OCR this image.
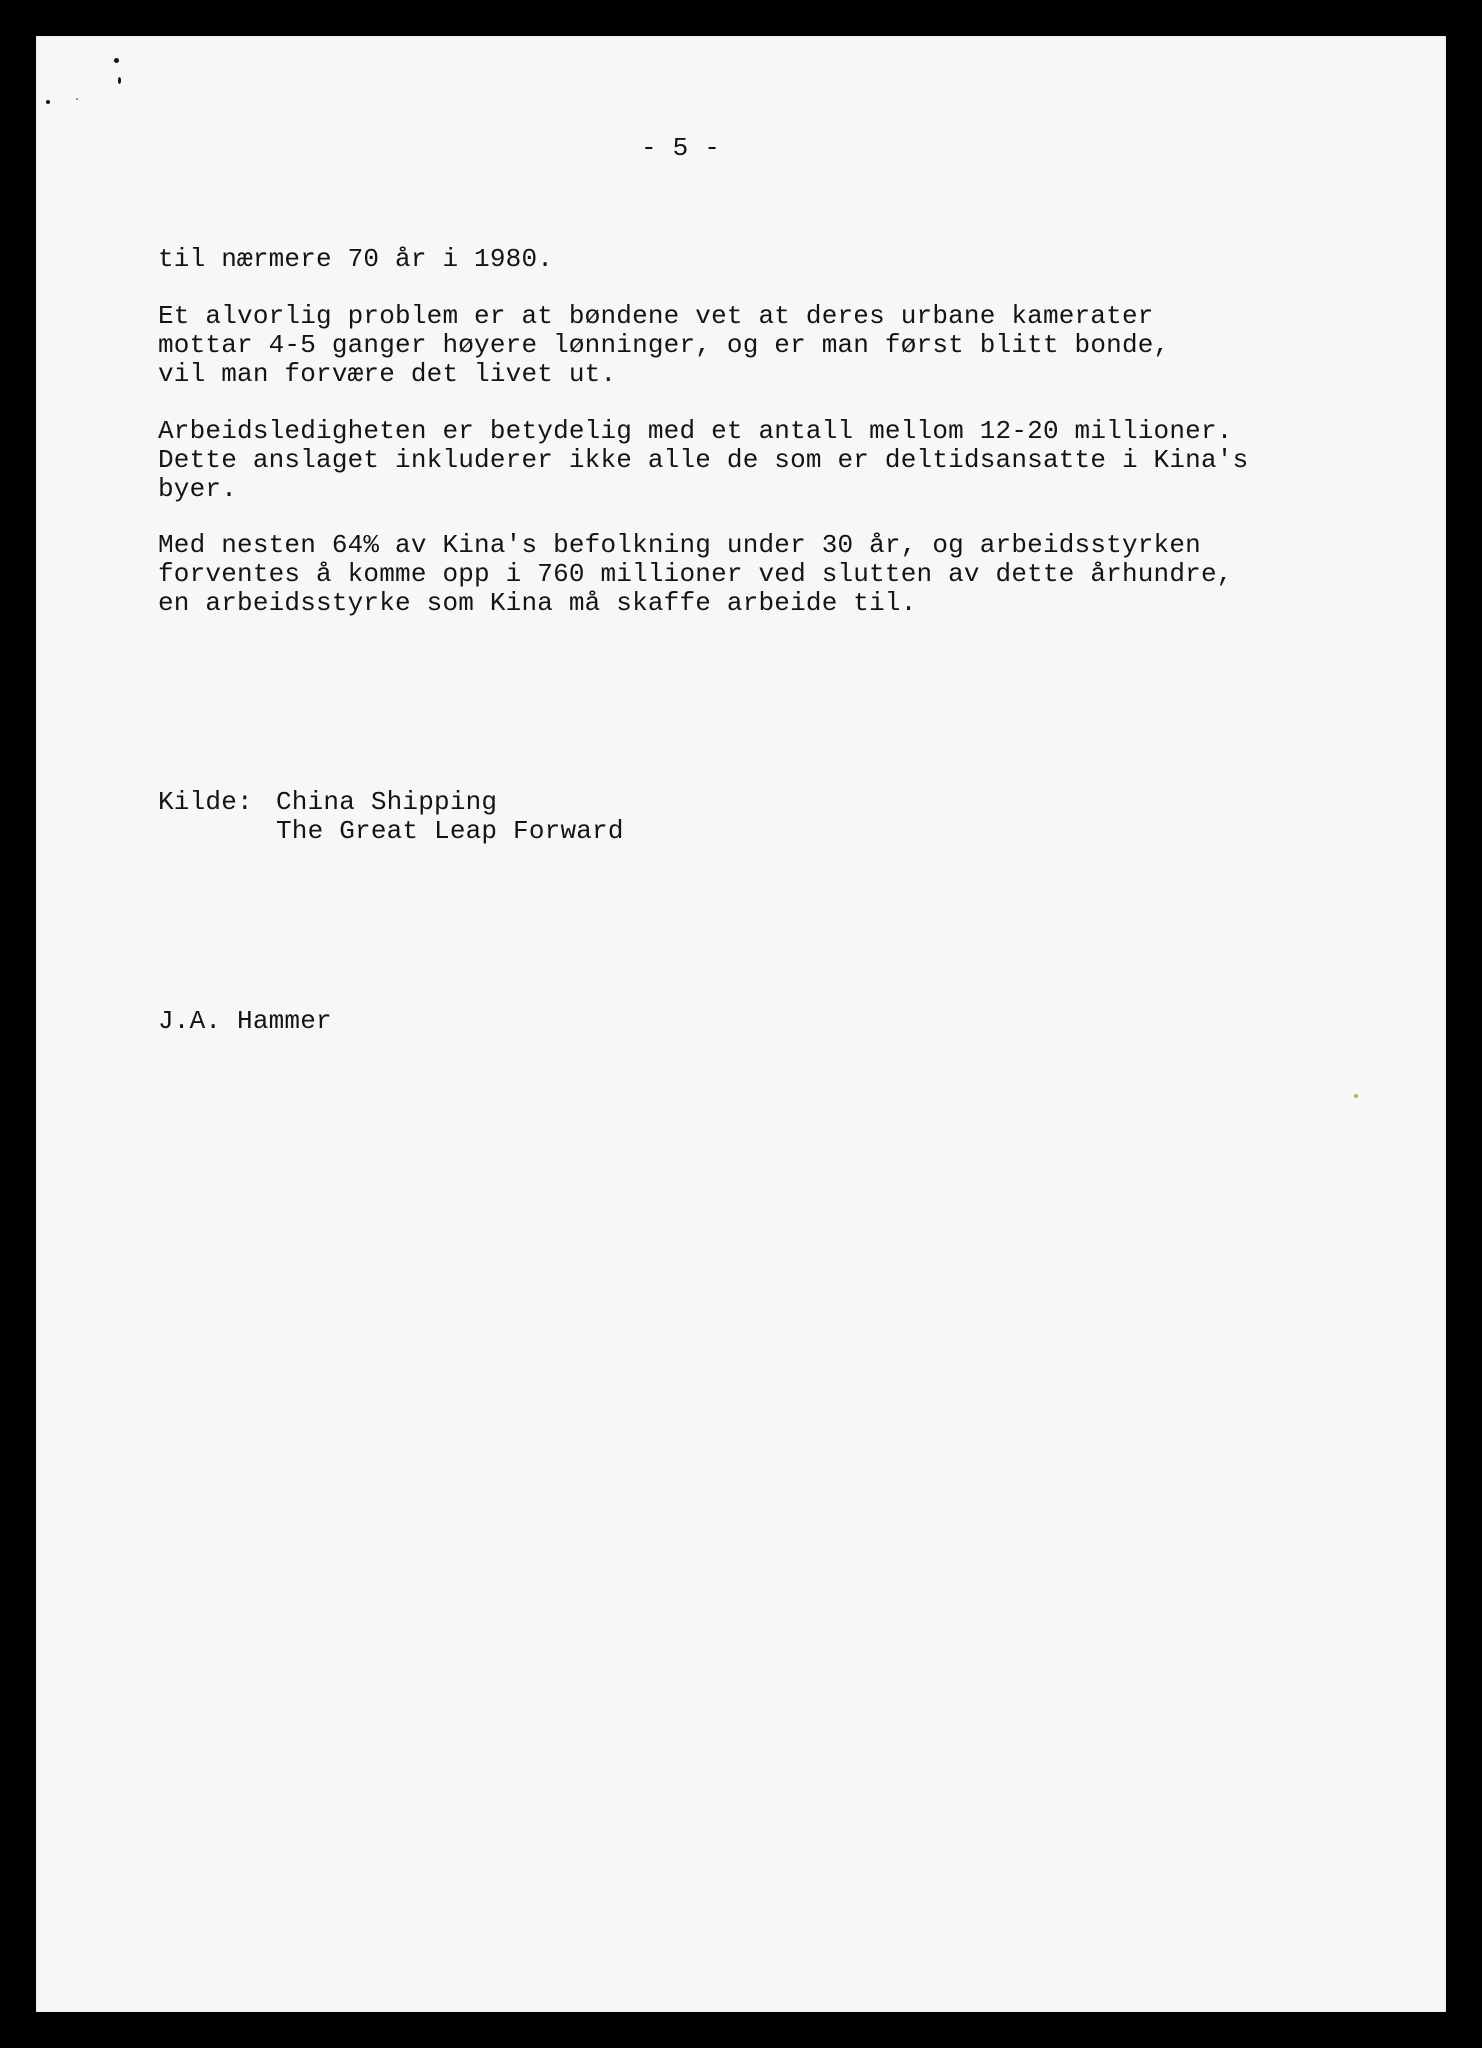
- 5 -

til nærmere 70 år i 1980.

Et alvorlig problem er at bøndene vet at deres urbane kamerater
mottar 4-5 ganger høyere lønninger, og er man først blitt bonde,
vil man forvære det livet ut.

Arbeidsledigheten er betydelig med et antall mellom 12-20 millioner.
Dette anslaget inkluderer ikke alle de som er deltidsansatte i Kina's
byer.

Med nesten 64% av Kina's befolkning under 30 år, og arbeidsstyrken
forventes å komme opp i 760 millioner ved slutten av dette århundre,
en arbeidsstyrke som Kina må skaffe arbeide til.

Kilde: China Shipping

The Great Leap Forward

J.A. Hammer
